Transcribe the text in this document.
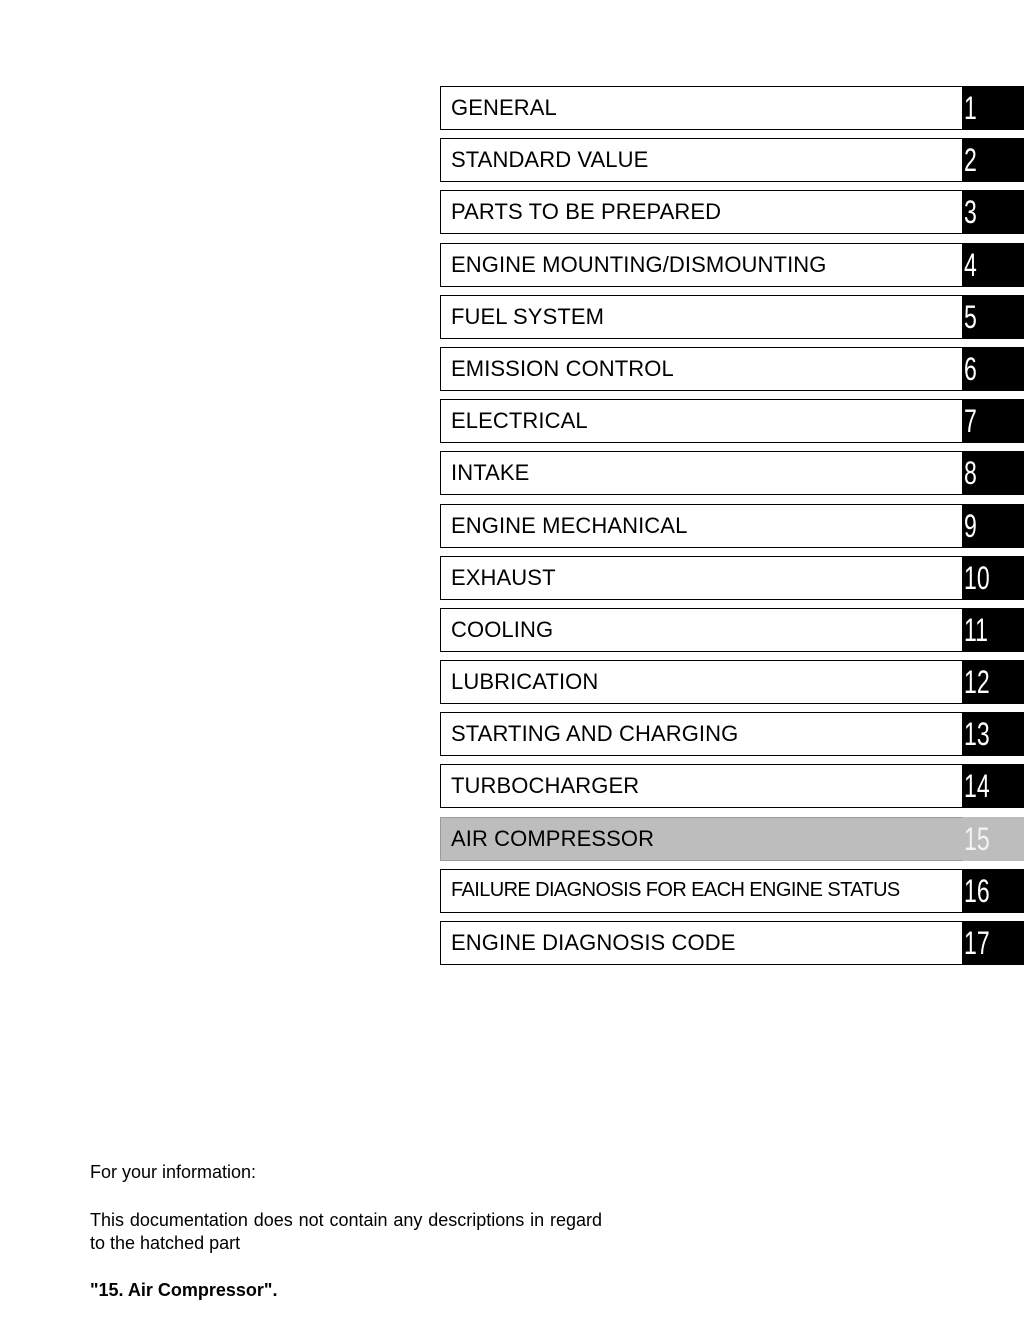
GENERAL	1
STANDARD VALUE	2
PARTS TO BE PREPARED	3
ENGINE MOUNTING/DISMOUNTING	4
FUEL SYSTEM	5
EMISSION CONTROL	6
ELECTRICAL	7
INTAKE	8
ENGINE MECHANICAL	9
EXHAUST	10
COOLING	11
LUBRICATION	12
STARTING AND CHARGING	13
TURBOCHARGER	14
AIR COMPRESSOR	15
FAILURE DIAGNOSIS FOR EACH ENGINE STATUS	16
ENGINE DIAGNOSIS CODE	17

For your information:

This documentation does not contain any descriptions in regard to the hatched part

"15. Air Compressor".
